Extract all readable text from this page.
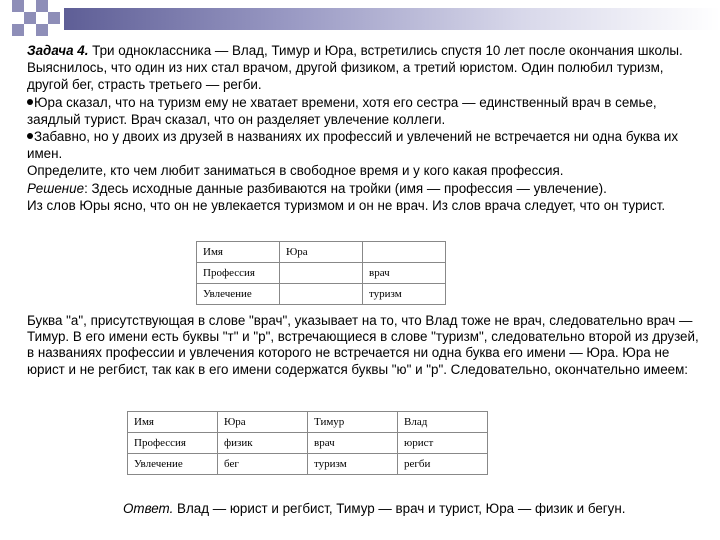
Задача 4. Три одноклассника — Влад, Тимур и Юра, встретились спустя 10 лет после окончания школы. Выяснилось, что один из них стал врачом, другой физиком, а третий юристом. Один полюбил туризм, другой бег, страсть третьего — регби.

Юра сказал, что на туризм ему не хватает времени, хотя его сестра — единственный врач в семье, заядлый турист. Врач сказал, что он разделяет увлечение коллеги.

Забавно, но у двоих из друзей в названиях их профессий и увлечений не встречается ни одна буква их имен.

Определите, кто чем любит заниматься в свободное время и у кого какая профессия.

Решение: Здесь исходные данные разбиваются на тройки (имя — профессия — увлечение).

Из слов Юры ясно, что он не увлекается туризмом и он не врач. Из слов врача следует, что он турист.

Имя	Юра	
Профессия		врач
Увлечение		туризм

Буква "а", присутствующая в слове "врач", указывает на то, что Влад тоже не врач, следовательно врач — Тимур. В его имени есть буквы "т" и "р", встречающиеся в слове "туризм", следовательно второй из друзей, в названиях профессии и увлечения которого не встречается ни одна буква его имени — Юра. Юра не юрист и не регбист, так как в его имени содержатся буквы "ю" и "р". Следовательно, окончательно имеем:

Имя	Юра	Тимур	Влад
Профессия	физик	врач	юрист
Увлечение	бег	туризм	регби

Ответ. Влад — юрист и регбист, Тимур — врач и турист, Юра — физик и бегун.
